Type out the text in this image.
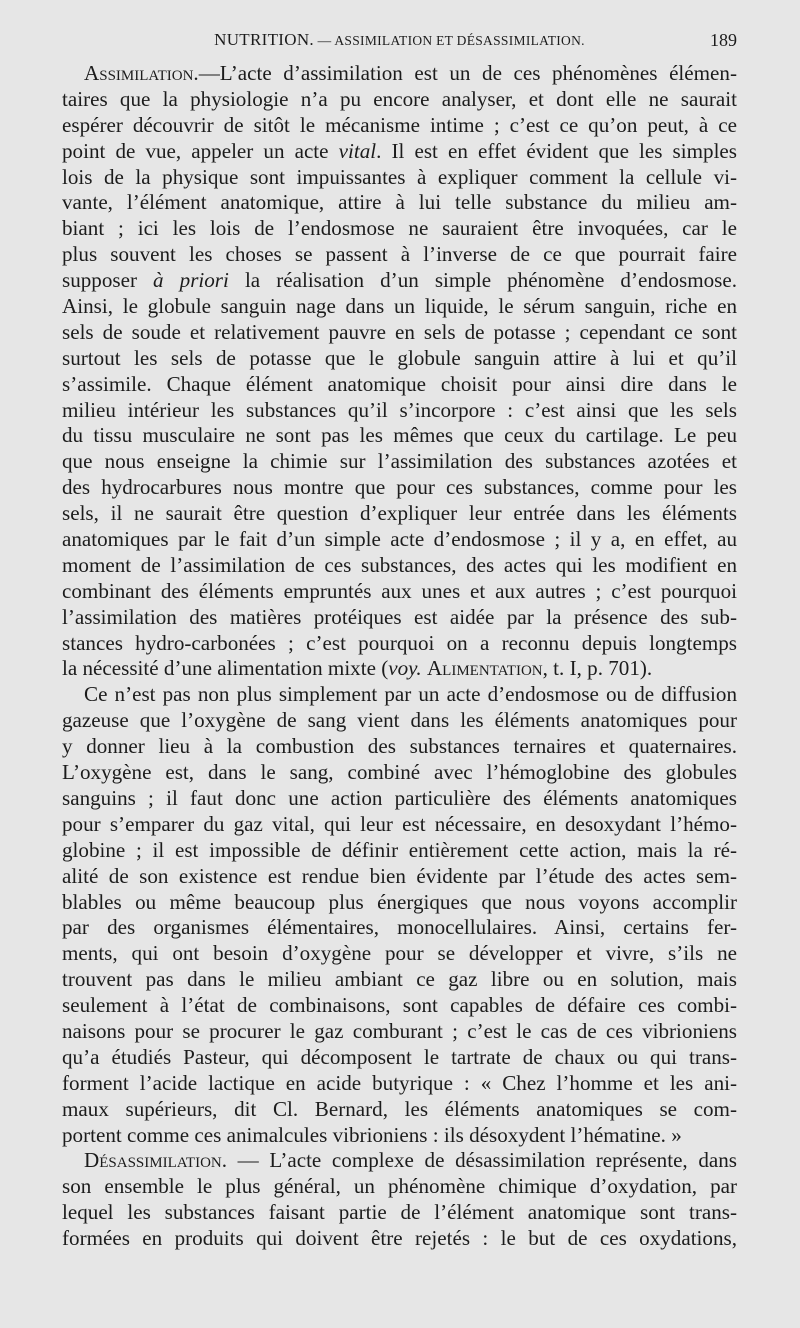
NUTRITION. — ASSIMILATION ET DÉSASSIMILATION.	189
Assimilation.—L’acte d’assimilation est un de ces phénomènes élémen-
taires que la physiologie n’a pu encore analyser, et dont elle ne saurait
espérer découvrir de sitôt le mécanisme intime ; c’est ce qu’on peut, à ce
point de vue, appeler un acte vital. Il est en effet évident que les simples
lois de la physique sont impuissantes à expliquer comment la cellule vi-
vante, l’élément anatomique, attire à lui telle substance du milieu am-
biant ; ici les lois de l’endosmose ne sauraient être invoquées, car le
plus souvent les choses se passent à l’inverse de ce que pourrait faire
supposer à priori la réalisation d’un simple phénomène d’endosmose.
Ainsi, le globule sanguin nage dans un liquide, le sérum sanguin, riche en
sels de soude et relativement pauvre en sels de potasse ; cependant ce sont
surtout les sels de potasse que le globule sanguin attire à lui et qu’il
s’assimile. Chaque élément anatomique choisit pour ainsi dire dans le
milieu intérieur les substances qu’il s’incorpore : c’est ainsi que les sels
du tissu musculaire ne sont pas les mêmes que ceux du cartilage. Le peu
que nous enseigne la chimie sur l’assimilation des substances azotées et
des hydrocarbures nous montre que pour ces substances, comme pour les
sels, il ne saurait être question d’expliquer leur entrée dans les éléments
anatomiques par le fait d’un simple acte d’endosmose ; il y a, en effet, au
moment de l’assimilation de ces substances, des actes qui les modifient en
combinant des éléments empruntés aux unes et aux autres ; c’est pourquoi
l’assimilation des matières protéiques est aidée par la présence des sub-
stances hydro-carbonées ; c’est pourquoi on a reconnu depuis longtemps
la nécessité d’une alimentation mixte (voy. Alimentation, t. I, p. 701).
Ce n’est pas non plus simplement par un acte d’endosmose ou de diffusion
gazeuse que l’oxygène de sang vient dans les éléments anatomiques pour
y donner lieu à la combustion des substances ternaires et quaternaires.
L’oxygène est, dans le sang, combiné avec l’hémoglobine des globules
sanguins ; il faut donc une action particulière des éléments anatomiques
pour s’emparer du gaz vital, qui leur est nécessaire, en desoxydant l’hémo-
globine ; il est impossible de définir entièrement cette action, mais la ré-
alité de son existence est rendue bien évidente par l’étude des actes sem-
blables ou même beaucoup plus énergiques que nous voyons accomplir
par des organismes élémentaires, monocellulaires. Ainsi, certains fer-
ments, qui ont besoin d’oxygène pour se développer et vivre, s’ils ne
trouvent pas dans le milieu ambiant ce gaz libre ou en solution, mais
seulement à l’état de combinaisons, sont capables de défaire ces combi-
naisons pour se procurer le gaz comburant ; c’est le cas de ces vibrioniens
qu’a étudiés Pasteur, qui décomposent le tartrate de chaux ou qui trans-
forment l’acide lactique en acide butyrique : « Chez l’homme et les ani-
maux supérieurs, dit Cl. Bernard, les éléments anatomiques se com-
portent comme ces animalcules vibrioniens : ils désoxydent l’hématine. »
Désassimilation. — L’acte complexe de désassimilation représente, dans
son ensemble le plus général, un phénomène chimique d’oxydation, par
lequel les substances faisant partie de l’élément anatomique sont trans-
formées en produits qui doivent être rejetés : le but de ces oxydations,
